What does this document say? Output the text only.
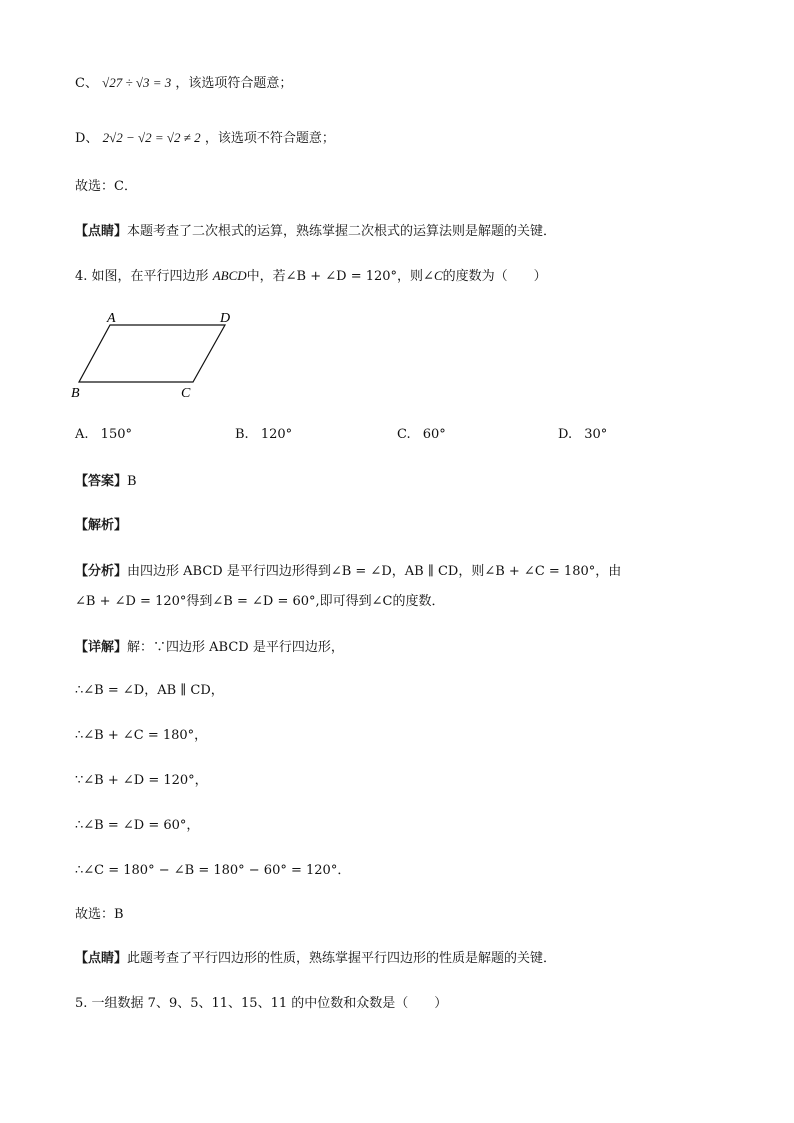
C、 √27 ÷ √3 = 3 ，该选项符合题意；
D、 2√2 − √2 = √2 ≠ 2 ，该选项不符合题意；
故选：C．
【点睛】本题考查了二次根式的运算，熟练掌握二次根式的运算法则是解题的关键．
4. 如图，在平行四边形 ABCD中，若∠B + ∠D = 120°，则∠C的度数为（　　）
A	D
B	C
A. 150°	B. 120°	C. 60°	D. 30°
【答案】B
【解析】
【分析】由四边形 ABCD 是平行四边形得到∠B = ∠D，AB ∥ CD，则∠B + ∠C = 180°，由
∠B + ∠D = 120°得到∠B = ∠D = 60°,即可得到∠C的度数．
【详解】解：∵四边形 ABCD 是平行四边形，
∴∠B = ∠D，AB ∥ CD，
∴∠B + ∠C = 180°，
∵∠B + ∠D = 120°，
∴∠B = ∠D = 60°，
∴∠C = 180° − ∠B = 180° − 60° = 120°．
故选：B
【点睛】此题考查了平行四边形的性质，熟练掌握平行四边形的性质是解题的关键．
5. 一组数据 7、9、5、11、15、11 的中位数和众数是（　　）
